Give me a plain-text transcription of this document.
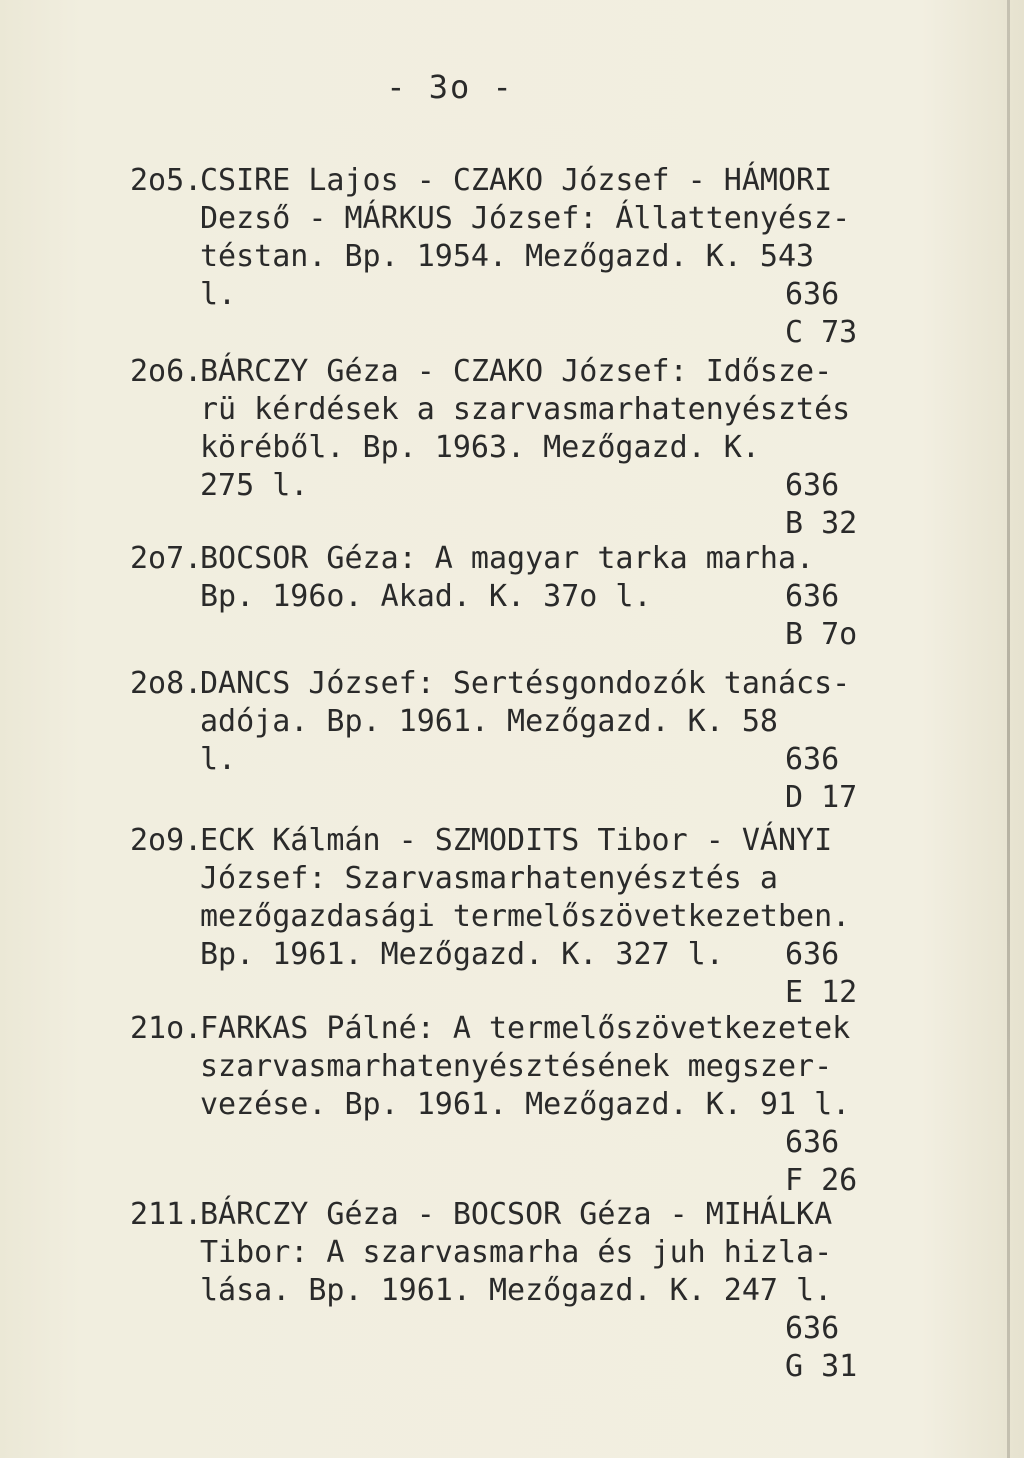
- 3o -
2o5.
CSIRE Lajos - CZAKO József - HÁMORI
Dezső - MÁRKUS József: Állattenyész-
téstan. Bp. 1954. Mezőgazd. K. 543
l.	636
C 73
2o6.
BÁRCZY Géza - CZAKO József: Idősze-
rü kérdések a szarvasmarhatenyésztés
köréből. Bp. 1963. Mezőgazd. K.
275 l.	636
B 32
2o7.
BOCSOR Géza: A magyar tarka marha.
Bp. 196o. Akad. K. 37o l.	636
B 7o
2o8.
DANCS József: Sertésgondozók tanács-
adója. Bp. 1961. Mezőgazd. K. 58
l.	636
D 17
2o9.
ECK Kálmán - SZMODITS Tibor - VÁNYI
József: Szarvasmarhatenyésztés a
mezőgazdasági termelőszövetkezetben.
Bp. 1961. Mezőgazd. K. 327 l.	636
E 12
21o.
FARKAS Pálné: A termelőszövetkezetek
szarvasmarhatenyésztésének megszer-
vezése. Bp. 1961. Mezőgazd. K. 91 l.
636
F 26
211.
BÁRCZY Géza - BOCSOR Géza - MIHÁLKA
Tibor: A szarvasmarha és juh hizla-
lása. Bp. 1961. Mezőgazd. K. 247 l.
636
G 31
